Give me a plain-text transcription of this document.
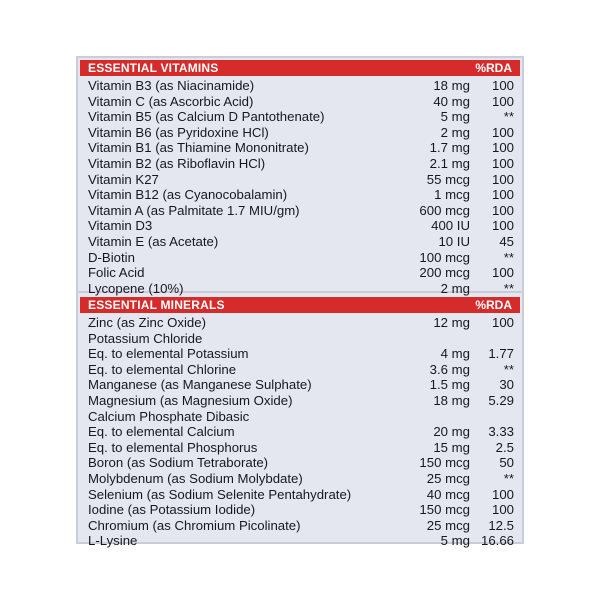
ESSENTIAL VITAMINS	%RDA
Vitamin B3 (as Niacinamide)	18 mg 100
Vitamin C (as Ascorbic Acid)	40 mg 100
Vitamin B5 (as Calcium D Pantothenate)	5 mg	**
Vitamin B6 (as Pyridoxine HCl)	2 mg 100
Vitamin B1 (as Thiamine Mononitrate)	1.7 mg 100
Vitamin B2 (as Riboflavin HCl)	2.1 mg 100
Vitamin K27	55 mcg 100
Vitamin B12 (as Cyanocobalamin)	1 mcg 100
Vitamin A (as Palmitate 1.7 MIU/gm)	600 mcg 100
Vitamin D3	400 IU 100
Vitamin E (as Acetate)	10 IU 45
D-Biotin	100 mcg	**
Folic Acid	200 mcg 100
Lycopene (10%)	2 mg	**
ESSENTIAL MINERALS	%RDA
Zinc (as Zinc Oxide)	12 mg 100
Potassium Chloride
Eq. to elemental Potassium	4 mg 1.77
Eq. to elemental Chlorine	3.6 mg	**
Manganese (as Manganese Sulphate)	1.5 mg 30
Magnesium (as Magnesium Oxide)	18 mg 5.29
Calcium Phosphate Dibasic
Eq. to elemental Calcium	20 mg 3.33
Eq. to elemental Phosphorus	15 mg 2.5
Boron (as Sodium Tetraborate)	150 mcg 50
Molybdenum (as Sodium Molybdate)	25 mcg	**
Selenium (as Sodium Selenite Pentahydrate)	40 mcg 100
Iodine (as Potassium Iodide)	150 mcg 100
Chromium (as Chromium Picolinate)	25 mcg 12.5
L-Lysine	5 mg 16.66
